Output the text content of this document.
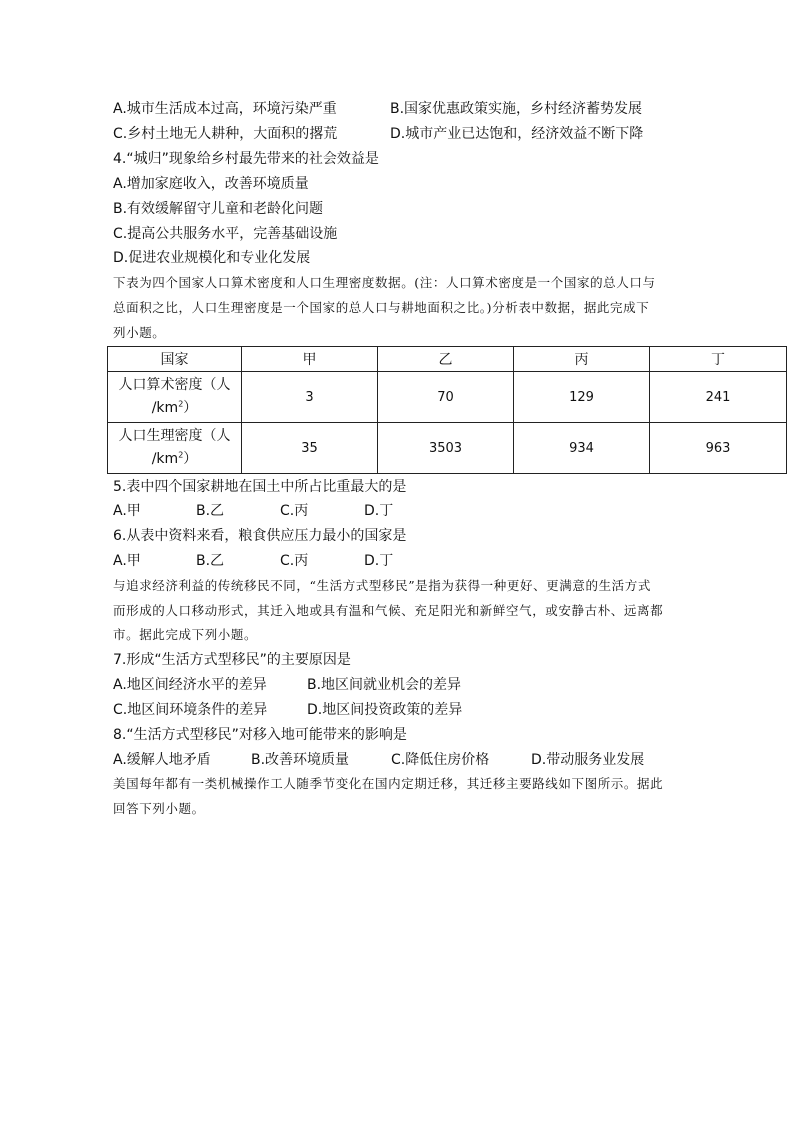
A.城市生活成本过高，环境污染严重	B.国家优惠政策实施，乡村经济蓄势发展
C.乡村土地无人耕种，大面积的撂荒	D.城市产业已达饱和，经济效益不断下降
4.“城归”现象给乡村最先带来的社会效益是
A.增加家庭收入，改善环境质量
B.有效缓解留守儿童和老龄化问题
C.提高公共服务水平，完善基础设施
D.促进农业规模化和专业化发展
下表为四个国家人口算术密度和人口生理密度数据。(注：人口算术密度是一个国家的总人口与
总面积之比，人口生理密度是一个国家的总人口与耕地面积之比。)分析表中数据，据此完成下
列小题。
国家	甲	乙	丙	丁
人口算术密度（人
$/km^2$）	3	70	129	241
人口生理密度（人
$/km^2$）	35	3503	934	963
5.表中四个国家耕地在国土中所占比重最大的是
A.甲	B.乙	C.丙	D.丁
6.从表中资料来看，粮食供应压力最小的国家是
A.甲	B.乙	C.丙	D.丁
与追求经济利益的传统移民不同，“生活方式型移民”是指为获得一种更好、更满意的生活方式
而形成的人口移动形式，其迁入地或具有温和气候、充足阳光和新鲜空气，或安静古朴、远离都
市。据此完成下列小题。
7.形成“生活方式型移民”的主要原因是
A.地区间经济水平的差异	B.地区间就业机会的差异
C.地区间环境条件的差异	D.地区间投资政策的差异
8.“生活方式型移民”对移入地可能带来的影响是
A.缓解人地矛盾	B.改善环境质量	C.降低住房价格	D.带动服务业发展
美国每年都有一类机械操作工人随季节变化在国内定期迁移，其迁移主要路线如下图所示。据此
回答下列小题。
